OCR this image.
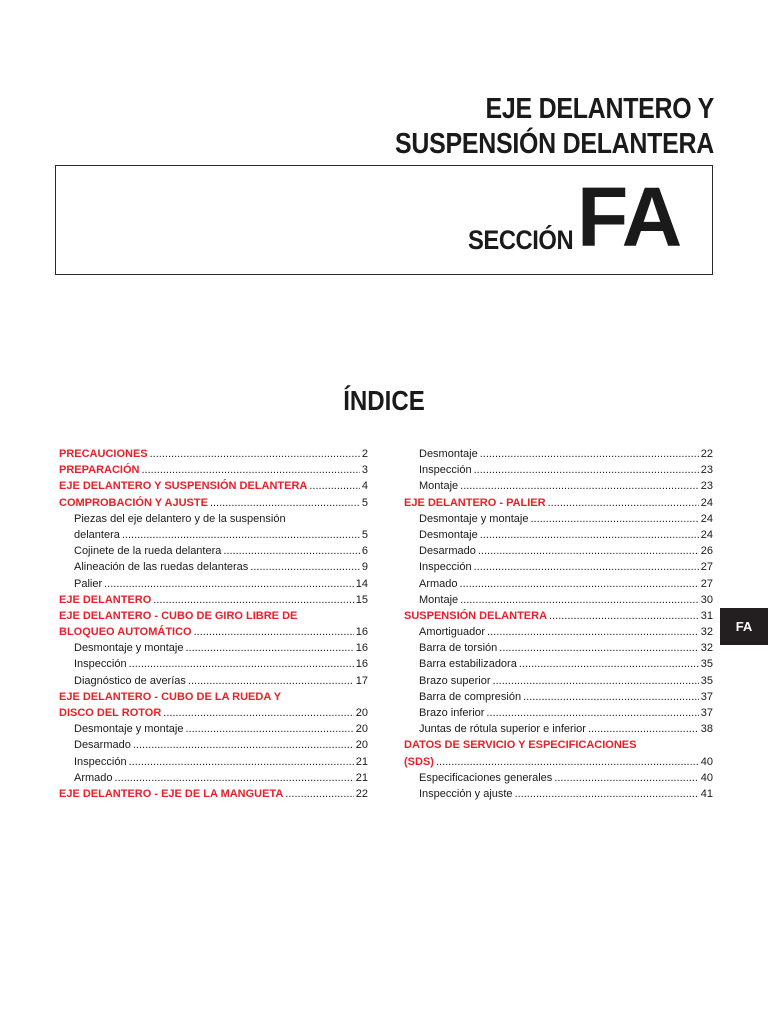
EJE DELANTERO Y
SUSPENSIÓN DELANTERA
SECCIÓN FA
ÍNDICE
PRECAUCIONES .....	2
PREPARACIÓN .....	3
EJE DELANTERO Y SUSPENSIÓN DELANTERA .....	4
COMPROBACIÓN Y AJUSTE .....	5
Piezas del eje delantero y de la suspensión
delantera .....	5
Cojinete de la rueda delantera .....	6
Alineación de las ruedas delanteras .....	9
Palier .....	14
EJE DELANTERO .....	15
EJE DELANTERO - CUBO DE GIRO LIBRE DE
BLOQUEO AUTOMÁTICO .....	16
Desmontaje y montaje .....	16
Inspección .....	16
Diagnóstico de averías .....	17
EJE DELANTERO - CUBO DE LA RUEDA Y
DISCO DEL ROTOR .....	20
Desmontaje y montaje .....	20
Desarmado .....	20
Inspección .....	21
Armado .....	21
EJE DELANTERO - EJE DE LA MANGUETA .....	22
Desmontaje .....	22
Inspección .....	23
Montaje .....	23
EJE DELANTERO - PALIER .....	24
Desmontaje y montaje .....	24
Desmontaje .....	24
Desarmado .....	26
Inspección .....	27
Armado .....	27
Montaje .....	30
SUSPENSIÓN DELANTERA .....	31
Amortiguador .....	32
Barra de torsión .....	32
Barra estabilizadora .....	35
Brazo superior .....	35
Barra de compresión .....	37
Brazo inferior .....	37
Juntas de rótula superior e inferior .....	38
DATOS DE SERVICIO Y ESPECIFICACIONES
(SDS) .....	40
Especificaciones generales .....	40
Inspección y ajuste .....	41
FA
